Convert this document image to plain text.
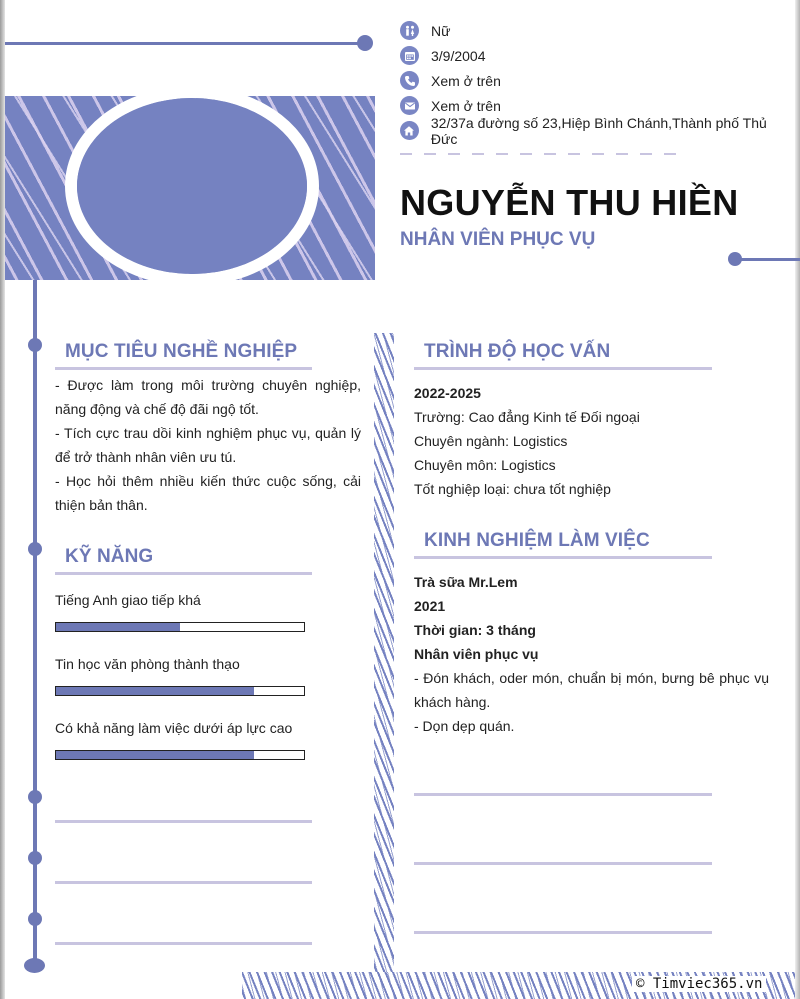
Nữ
3/9/2004
Xem ở trên
Xem ở trên
32/37a đường số 23,Hiệp Bình Chánh,Thành phố Thủ Đức
NGUYỄN THU HIỀN
NHÂN VIÊN PHỤC VỤ
MỤC TIÊU NGHỀ NGHIỆP
- Được làm trong môi trường chuyên nghiệp, năng động và chế độ đãi ngộ tốt.
- Tích cực trau dồi kinh nghiệm phục vụ, quản lý để trở thành nhân viên ưu tú.
- Học hỏi thêm nhiều kiến thức cuộc sống, cải thiện bản thân.
KỸ NĂNG
Tiếng Anh giao tiếp khá
Tin học văn phòng thành thạo
Có khả năng làm việc dưới áp lực cao
TRÌNH ĐỘ HỌC VẤN
2022-2025
Trường: Cao đẳng Kinh tế Đối ngoại
Chuyên ngành: Logistics
Chuyên môn: Logistics
Tốt nghiệp loại: chưa tốt nghiệp
KINH NGHIỆM LÀM VIỆC
Trà sữa Mr.Lem
2021
Thời gian: 3 tháng
Nhân viên phục vụ
- Đón khách, oder món, chuẩn bị món, bưng bê phục vụ khách hàng.
- Dọn dẹp quán.
© Timviec365.vn
